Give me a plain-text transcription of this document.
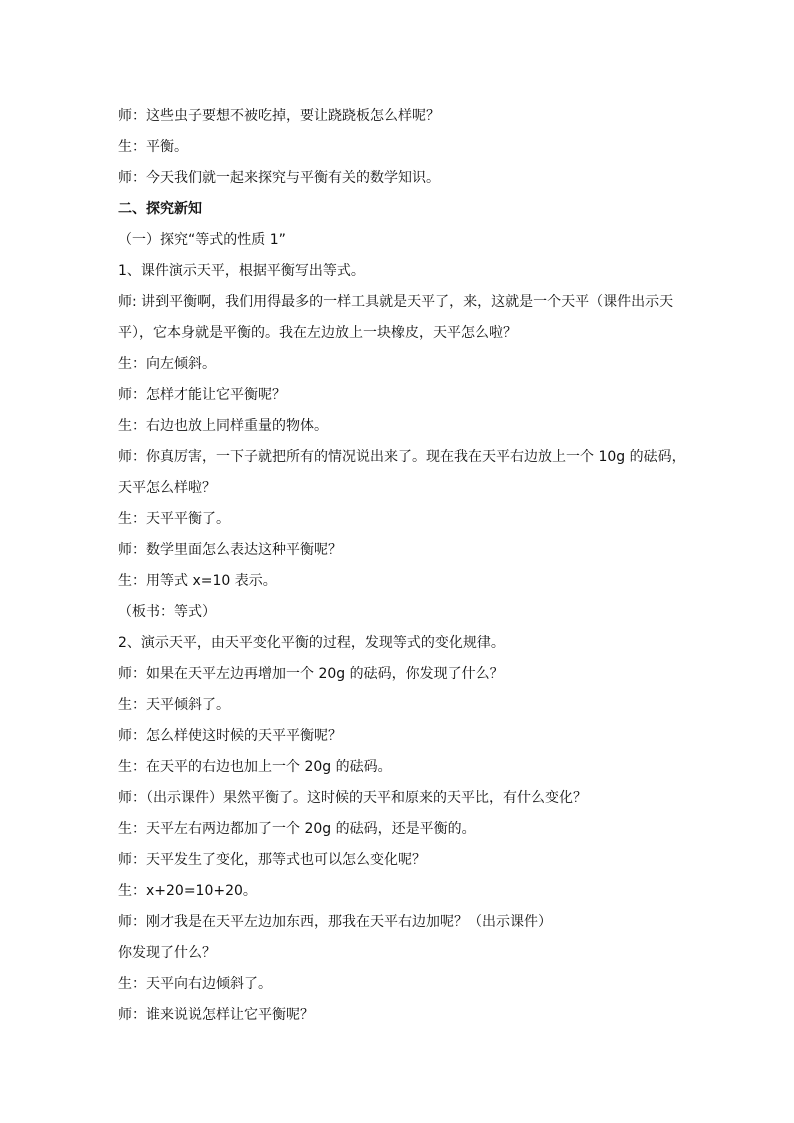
师：这些虫子要想不被吃掉，要让跷跷板怎么样呢？
生：平衡。
师：今天我们就一起来探究与平衡有关的数学知识。
二、探究新知
（一）探究“等式的性质 1”
1、课件演示天平，根据平衡写出等式。
师: 讲到平衡啊，我们用得最多的一样工具就是天平了，来，这就是一个天平（课件出示天
平），它本身就是平衡的。我在左边放上一块橡皮，天平怎么啦？
生：向左倾斜。
师：怎样才能让它平衡呢？
生：右边也放上同样重量的物体。
师：你真厉害，一下子就把所有的情况说出来了。现在我在天平右边放上一个 10g 的砝码，
天平怎么样啦？
生：天平平衡了。
师：数学里面怎么表达这种平衡呢？
生：用等式 x=10 表示。
（板书：等式）
2、演示天平，由天平变化平衡的过程，发现等式的变化规律。
师：如果在天平左边再增加一个 20g 的砝码，你发现了什么？
生：天平倾斜了。
师：怎么样使这时候的天平平衡呢？
生：在天平的右边也加上一个 20g 的砝码。
师：（出示课件）果然平衡了。这时候的天平和原来的天平比，有什么变化？
生：天平左右两边都加了一个 20g 的砝码，还是平衡的。
师：天平发生了变化，那等式也可以怎么变化呢？
生：x+20=10+20。
师：刚才我是在天平左边加东西，那我在天平右边加呢？（出示课件）
你发现了什么？
生：天平向右边倾斜了。
师：谁来说说怎样让它平衡呢？
